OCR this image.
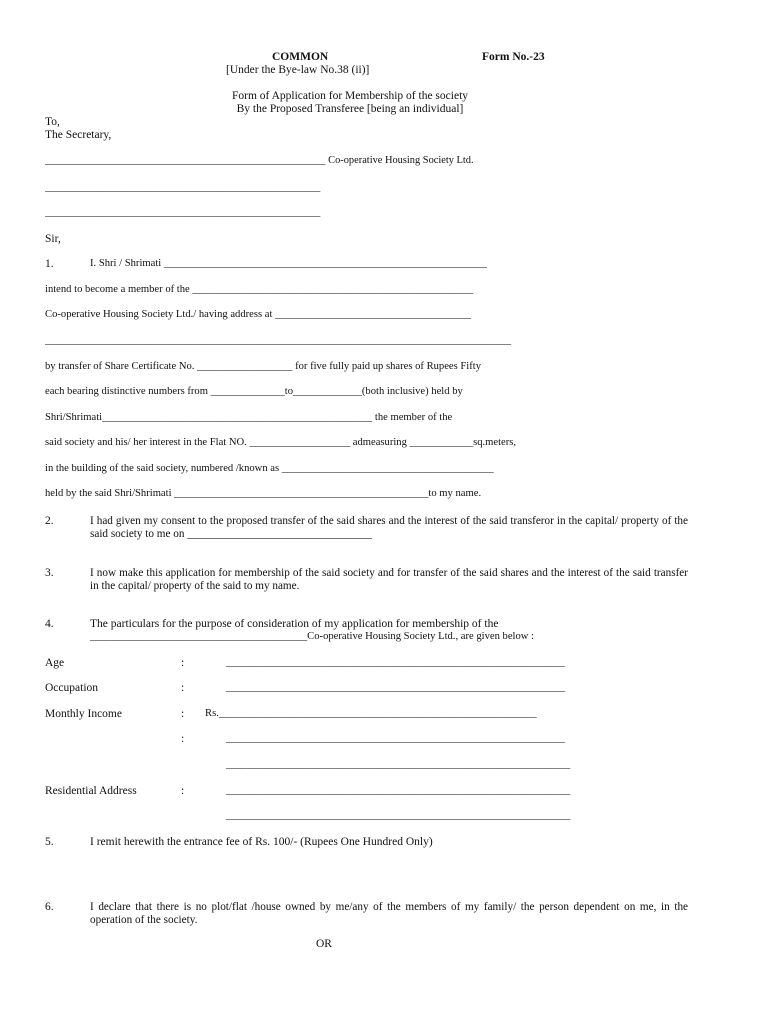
COMMON	Form No.-23
[Under the Bye-law No.38 (ii)]
Form of Application for Membership of the society
By the Proposed Transferee [being an individual]
To,
The Secretary,
______________________________________________________ Co-operative Housing Society Ltd.
_____________________________________________________
_____________________________________________________
Sir,
1.	I. Shri / Shrimati _____________________________________________________________
intend to become a member of the _____________________________________________________
Co-operative Housing Society Ltd./ having address at _____________________________________
________________________________________________________________________________________
by transfer of Share Certificate No. __________________ for five fully paid up shares of Rupees Fifty
each bearing distinctive numbers from ______________to_____________(both inclusive) held by
Shri/Shrimati___________________________________________________ the member of the
said society and his/ her interest in the Flat NO. ___________________ admeasuring ____________sq.meters,
in the building of the said society, numbered /known as ________________________________________
held by the said Shri/Shrimati ________________________________________________to my name.
2.	I had given my consent to the proposed transfer of the said shares and the interest of the said transferor in the capital/ property of the said society to me on _________________________________
3.	I now make this application for membership of the said society and for transfer of the said shares and the interest of the said transfer in the capital/ property of the said to my name.
4.	The particulars for the purpose of consideration of my application for membership of the
_________________________________________Co-operative Housing Society Ltd., are given below :
Age	:	________________________________________________________________
Occupation	:	________________________________________________________________
Monthly Income	: Rs.____________________________________________________________
:	________________________________________________________________
_________________________________________________________________
Residential Address	:	_________________________________________________________________
_________________________________________________________________
5.	I remit herewith the entrance fee of Rs. 100/- (Rupees One Hundred Only)
6.	I declare that there is no plot/flat /house owned by me/any of the members of my family/ the person dependent on me, in the operation of the society.
OR
